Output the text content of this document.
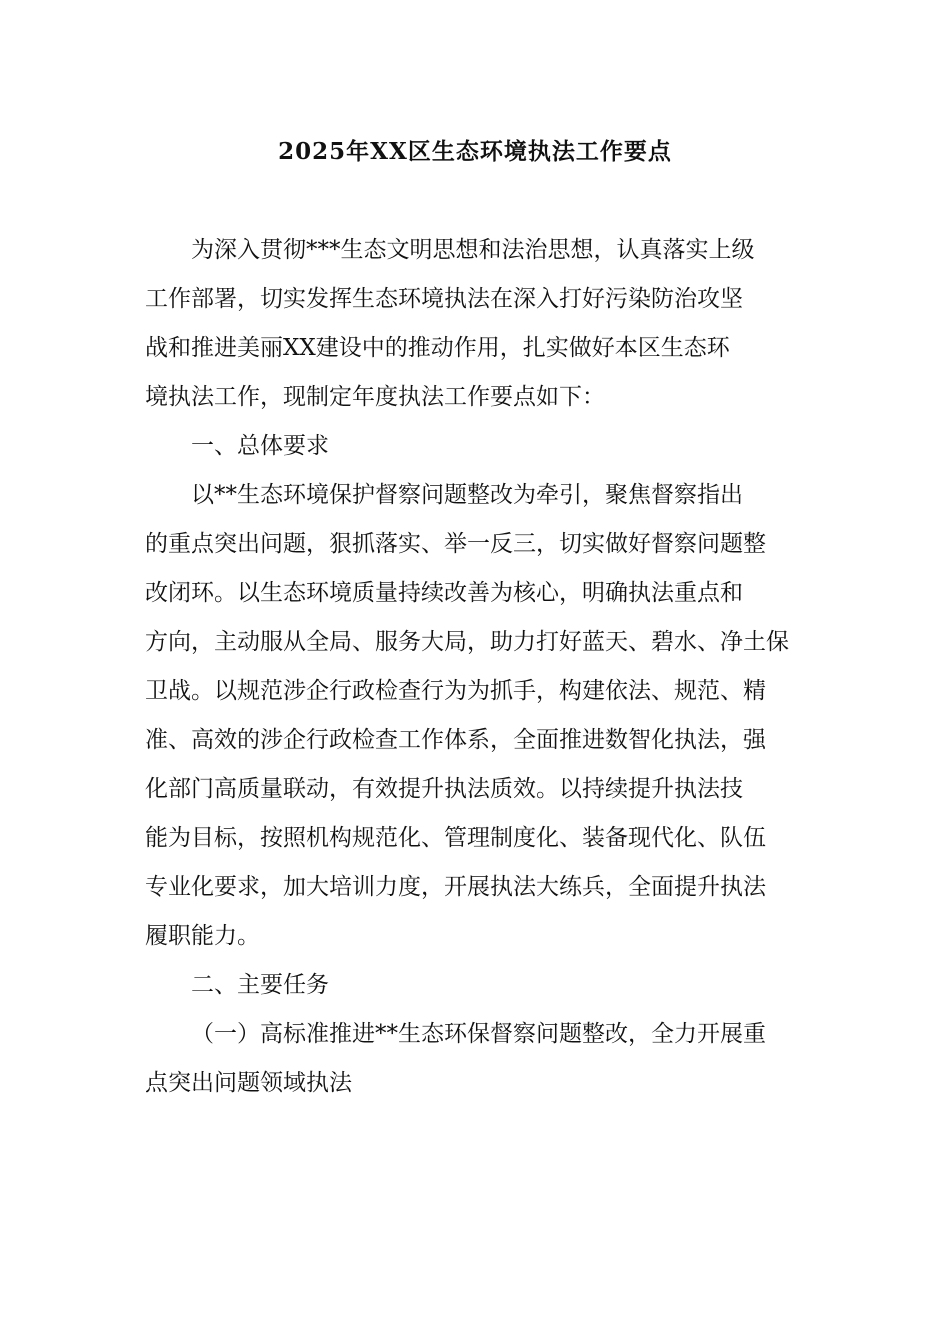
2025年XX区生态环境执法工作要点
为深入贯彻***生态文明思想和法治思想，认真落实上级
工作部署，切实发挥生态环境执法在深入打好污染防治攻坚
战和推进美丽XX建设中的推动作用，扎实做好本区生态环
境执法工作，现制定年度执法工作要点如下：
一、总体要求
以**生态环境保护督察问题整改为牵引，聚焦督察指出
的重点突出问题，狠抓落实、举一反三，切实做好督察问题整
改闭环。以生态环境质量持续改善为核心，明确执法重点和
方向，主动服从全局、服务大局，助力打好蓝天、碧水、净土保
卫战。以规范涉企行政检查行为为抓手，构建依法、规范、精
准、高效的涉企行政检查工作体系，全面推进数智化执法，强
化部门高质量联动，有效提升执法质效。以持续提升执法技
能为目标，按照机构规范化、管理制度化、装备现代化、队伍
专业化要求，加大培训力度，开展执法大练兵，全面提升执法
履职能力。
二、主要任务
（一）高标准推进**生态环保督察问题整改，全力开展重
点突出问题领域执法
